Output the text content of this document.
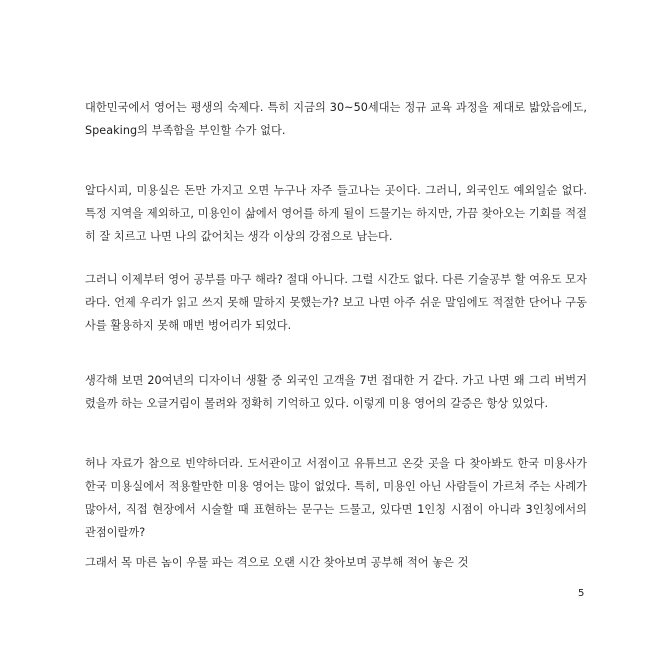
대한민국에서 영어는 평생의 숙제다. 특히 지금의 30~50세대는 정규 교육 과정을 제대로 밟았음에도, Speaking의 부족함을 부인할 수가 없다.

알다시피, 미용실은 돈만 가지고 오면 누구나 자주 들고나는 곳이다. 그러니, 외국인도 예외일순 없다. 특정 지역을 제외하고, 미용인이 삶에서 영어를 하게 될이 드물기는 하지만, 가끔 찾아오는 기회를 적절히 잘 치르고 나면 나의 값어치는 생각 이상의 강점으로 남는다.

그러니 이제부터 영어 공부를 마구 해라? 절대 아니다. 그럴 시간도 없다. 다른 기술공부 할 여유도 모자라다. 언제 우리가 읽고 쓰지 못해 말하지 못했는가? 보고 나면 아주 쉬운 말임에도 적절한 단어나 구동사를 활용하지 못해 매번 벙어리가 되었다.

생각해 보면 20여년의 디자이너 생활 중 외국인 고객을 7번 접대한 거 같다. 가고 나면 왜 그리 버벅거렸을까 하는 오글거림이 몰려와 정확히 기억하고 있다. 이렇게 미용 영어의 갈증은 항상 있었다.

허나 자료가 참으로 빈약하더라. 도서관이고 서점이고 유튜브고 온갖 곳을 다 찾아봐도 한국 미용사가 한국 미용실에서 적용할만한 미용 영어는 많이 없었다. 특히, 미용인 아닌 사람들이 가르쳐 주는 사례가 많아서, 직접 현장에서 시술할 때 표현하는 문구는 드물고, 있다면 1인칭 시점이 아니라 3인칭에서의 관점이랄까?

그래서 목 마른 놈이 우물 파는 격으로 오랜 시간 찾아보며 공부해 적어 놓은 것

5
